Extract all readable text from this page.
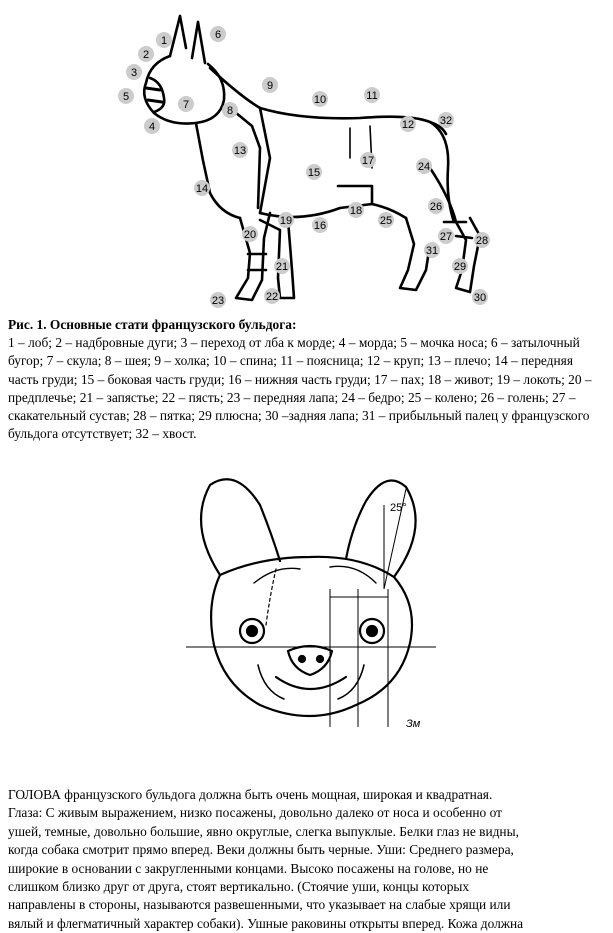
1
2
3
4
5
6
7	8
9
10	11
12
13
14
15
16
17
18
19
20
21
22
23
24
25
26
27 28
29
30
31
32
Рис. 1. Основные стати французского бульдога:
1 – лоб; 2 – надбровные дуги; 3 – переход от лба к морде; 4 – морда; 5 – мочка носа; 6 – затылочный бугор; 7 – скула; 8 – шея; 9 – холка; 10 – спина; 11 – поясница; 12 – круп; 13 – плечо; 14 – передняя часть груди; 15 – боковая часть груди; 16 – нижняя часть груди; 17 – пах; 18 – живот; 19 – локоть; 20 – предплечье; 21 – запястье; 22 – пясть; 23 – передняя лапа; 24 – бедро; 25 – колено; 26 – голень; 27 – скакательный сустав; 28 – пятка; 29 плюсна; 30 –задняя лапа; 31 – прибыльный палец у французского бульдога отсутствует; 32 – хвост.
25°
Зм
ГОЛОВА французского бульдога должна быть очень мощная, широкая и квадратная.
Глаза: С живым выражением, низко посажены, довольно далеко от носа и особенно от
ушей, темные, довольно большие, явно округлые, слегка выпуклые. Белки глаз не видны,
когда собака смотрит прямо вперед. Веки должны быть черные. Уши: Среднего размера,
широкие в основании с закругленными концами. Высоко посажены на голове, но не
слишком близко друг от друга, стоят вертикально. (Стоячие уши, концы которых
направлены в стороны, называются развешенными, что указывает на слабые хрящи или
вялый и флегматичный характер собаки). Ушные раковины открыты вперед. Кожа должна
